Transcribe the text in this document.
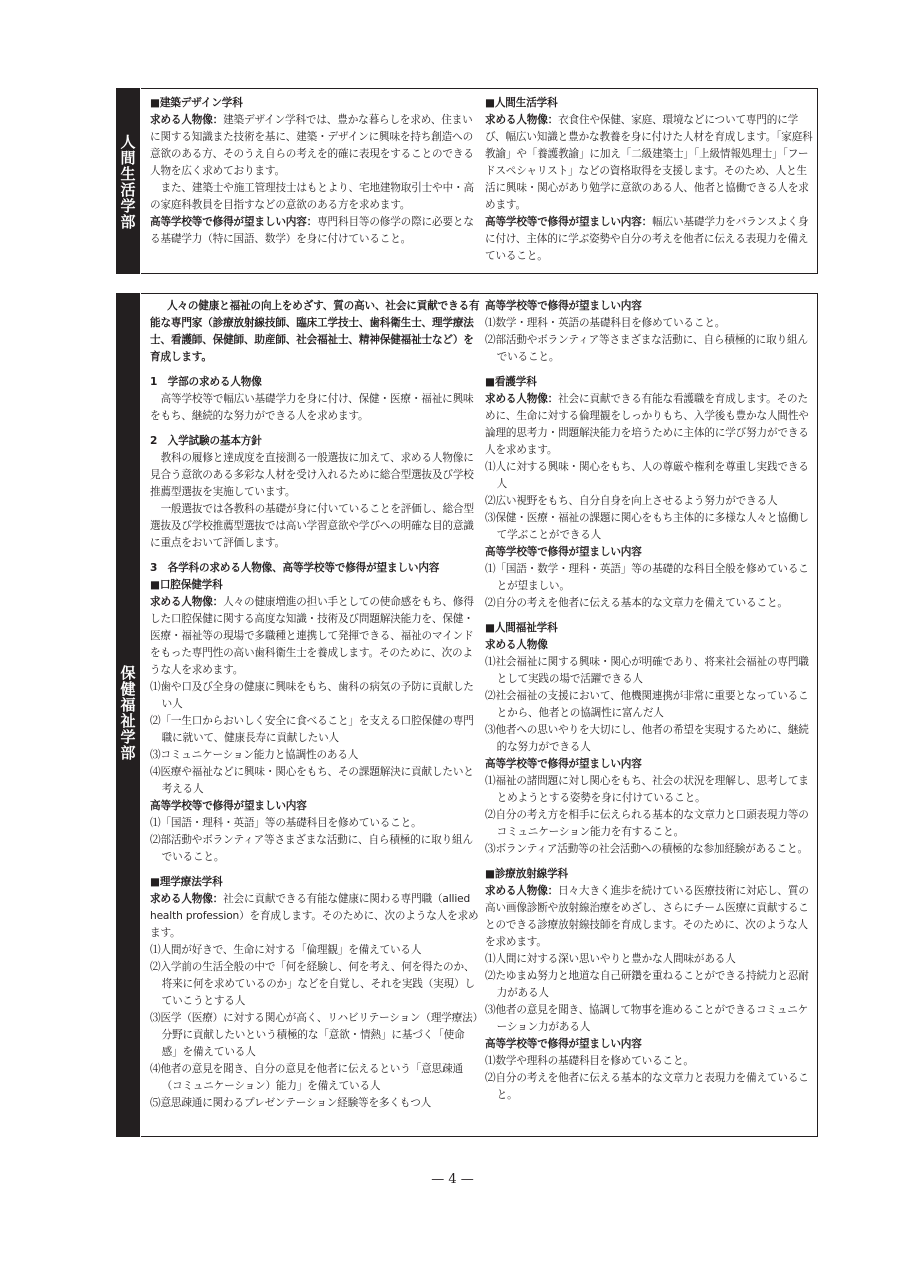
人間生活学部

■建築デザイン学科

求める人物像：建築デザイン学科では、豊かな暮らしを求め、住まいに関する知識また技術を基に、建築・デザインに興味を持ち創造への意欲のある方、そのうえ自らの考えを的確に表現をすることのできる人物を広く求めております。

また、建築士や施工管理技士はもとより、宅地建物取引士や中・高の家庭科教員を目指すなどの意欲のある方を求めます。

高等学校等で修得が望ましい内容：専門科目等の修学の際に必要となる基礎学力（特に国語、数学）を身に付けていること。

■人間生活学科

求める人物像：衣食住や保健、家庭、環境などについて専門的に学び、幅広い知識と豊かな教養を身に付けた人材を育成します。「家庭科教諭」や「養護教諭」に加え「二級建築士」「上級情報処理士」「フードスペシャリスト」などの資格取得を支援します。そのため、人と生活に興味・関心があり勉学に意欲のある人、他者と協働できる人を求めます。

高等学校等で修得が望ましい内容：幅広い基礎学力をバランスよく身に付け、主体的に学ぶ姿勢や自分の考えを他者に伝える表現力を備えていること。

保健福祉学部

人々の健康と福祉の向上をめざす、質の高い、社会に貢献できる有能な専門家（診療放射線技師、臨床工学技士、歯科衛生士、理学療法士、看護師、保健師、助産師、社会福祉士、精神保健福祉士など）を育成します。

1　学部の求める人物像

高等学校等で幅広い基礎学力を身に付け、保健・医療・福祉に興味をもち、継続的な努力ができる人を求めます。

2　入学試験の基本方針

教科の履修と達成度を直接測る一般選抜に加えて、求める人物像に見合う意欲のある多彩な人材を受け入れるために総合型選抜及び学校推薦型選抜を実施しています。

一般選抜では各教科の基礎が身に付いていることを評価し、総合型選抜及び学校推薦型選抜では高い学習意欲や学びへの明確な目的意識に重点をおいて評価します。

3　各学科の求める人物像、高等学校等で修得が望ましい内容

■口腔保健学科

求める人物像：人々の健康増進の担い手としての使命感をもち、修得した口腔保健に関する高度な知識・技術及び問題解決能力を、保健・医療・福祉等の現場で多職種と連携して発揮できる、福祉のマインドをもった専門性の高い歯科衛生士を養成します。そのために、次のような人を求めます。

⑴歯や口及び全身の健康に興味をもち、歯科の病気の予防に貢献したい人

⑵「一生口からおいしく安全に食べること」を支える口腔保健の専門職に就いて、健康長寿に貢献したい人

⑶コミュニケーション能力と協調性のある人

⑷医療や福祉などに興味・関心をもち、その課題解決に貢献したいと考える人

高等学校等で修得が望ましい内容

⑴「国語・理科・英語」等の基礎科目を修めていること。

⑵部活動やボランティア等さまざまな活動に、自ら積極的に取り組んでいること。

■理学療法学科

求める人物像：社会に貢献できる有能な健康に関わる専門職（allied health profession）を育成します。そのために、次のような人を求めます。

⑴人間が好きで、生命に対する「倫理観」を備えている人

⑵入学前の生活全般の中で「何を経験し、何を考え、何を得たのか、将来に何を求めているのか」などを自覚し、それを実践（実現）していこうとする人

⑶医学（医療）に対する関心が高く、リハビリテーション（理学療法）分野に貢献したいという積極的な「意欲・情熱」に基づく「使命感」を備えている人

⑷他者の意見を聞き、自分の意見を他者に伝えるという「意思疎通（コミュニケーション）能力」を備えている人

⑸意思疎通に関わるプレゼンテーション経験等を多くもつ人

高等学校等で修得が望ましい内容

⑴数学・理科・英語の基礎科目を修めていること。

⑵部活動やボランティア等さまざまな活動に、自ら積極的に取り組んでいること。

■看護学科

求める人物像：社会に貢献できる有能な看護職を育成します。そのために、生命に対する倫理観をしっかりもち、入学後も豊かな人間性や論理的思考力・問題解決能力を培うために主体的に学び努力ができる人を求めます。

⑴人に対する興味・関心をもち、人の尊厳や権利を尊重し実践できる人

⑵広い視野をもち、自分自身を向上させるよう努力ができる人

⑶保健・医療・福祉の課題に関心をもち主体的に多様な人々と協働して学ぶことができる人

高等学校等で修得が望ましい内容

⑴「国語・数学・理科・英語」等の基礎的な科目全般を修めていることが望ましい。

⑵自分の考えを他者に伝える基本的な文章力を備えていること。

■人間福祉学科

求める人物像

⑴社会福祉に関する興味・関心が明確であり、将来社会福祉の専門職として実践の場で活躍できる人

⑵社会福祉の支援において、他機関連携が非常に重要となっていることから、他者との協調性に富んだ人

⑶他者への思いやりを大切にし、他者の希望を実現するために、継続的な努力ができる人

高等学校等で修得が望ましい内容

⑴福祉の諸問題に対し関心をもち、社会の状況を理解し、思考してまとめようとする姿勢を身に付けていること。

⑵自分の考え方を相手に伝えられる基本的な文章力と口頭表現力等のコミュニケーション能力を有すること。

⑶ボランティア活動等の社会活動への積極的な参加経験があること。

■診療放射線学科

求める人物像：日々大きく進歩を続けている医療技術に対応し、質の高い画像診断や放射線治療をめざし、さらにチーム医療に貢献することのできる診療放射線技師を育成します。そのために、次のような人を求めます。

⑴人間に対する深い思いやりと豊かな人間味がある人

⑵たゆまぬ努力と地道な自己研鑽を重ねることができる持続力と忍耐力がある人

⑶他者の意見を聞き、協調して物事を進めることができるコミュニケーション力がある人

高等学校等で修得が望ましい内容

⑴数学や理科の基礎科目を修めていること。

⑵自分の考えを他者に伝える基本的な文章力と表現力を備えていること。

— 4 —
